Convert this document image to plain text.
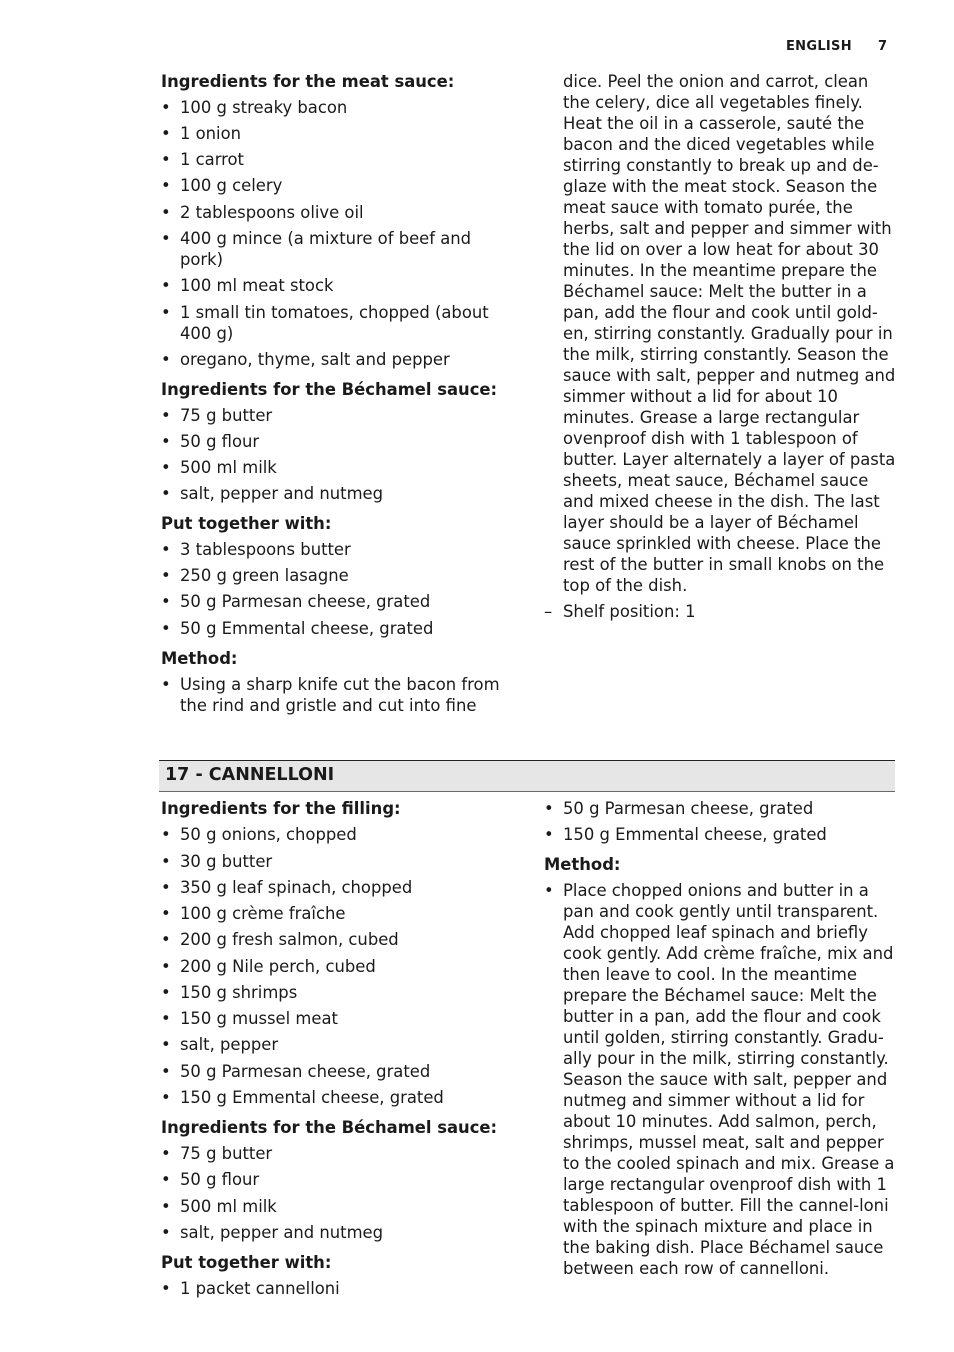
ENGLISH 7
Ingredients for the meat sauce:
• 100 g streaky bacon
• 1 onion
• 1 carrot
• 100 g celery
• 2 tablespoons olive oil
• 400 g mince (a mixture of beef and pork)
• 100 ml meat stock
• 1 small tin tomatoes, chopped (about 400 g)
• oregano, thyme, salt and pepper
Ingredients for the Béchamel sauce:
• 75 g butter
• 50 g flour
• 500 ml milk
• salt, pepper and nutmeg
Put together with:
• 3 tablespoons butter
• 250 g green lasagne
• 50 g Parmesan cheese, grated
• 50 g Emmental cheese, grated
Method:
• Using a sharp knife cut the bacon from the rind and gristle and cut into fine

dice. Peel the onion and carrot, clean the celery, dice all vegetables finely. Heat the oil in a casserole, sauté the bacon and the diced vegetables while stirring constantly to break up and de-glaze with the meat stock. Season the meat sauce with tomato purée, the herbs, salt and pepper and simmer with the lid on over a low heat for about 30 minutes. In the meantime prepare the Béchamel sauce: Melt the butter in a pan, add the flour and cook until gold-en, stirring constantly. Gradually pour in the milk, stirring constantly. Season the sauce with salt, pepper and nutmeg and simmer without a lid for about 10 minutes. Grease a large rectangular ovenproof dish with 1 tablespoon of butter. Layer alternately a layer of pasta sheets, meat sauce, Béchamel sauce and mixed cheese in the dish. The last layer should be a layer of Béchamel sauce sprinkled with cheese. Place the rest of the butter in small knobs on the top of the dish.

– Shelf position: 1
17 - CANNELLONI
Ingredients for the filling:
• 50 g onions, chopped
• 30 g butter
• 350 g leaf spinach, chopped
• 100 g crème fraîche
• 200 g fresh salmon, cubed
• 200 g Nile perch, cubed
• 150 g shrimps
• 150 g mussel meat
• salt, pepper
• 50 g Parmesan cheese, grated
• 150 g Emmental cheese, grated
Ingredients for the Béchamel sauce:
• 75 g butter
• 50 g flour
• 500 ml milk
• salt, pepper and nutmeg
Put together with:
• 1 packet cannelloni
• 50 g Parmesan cheese, grated
• 150 g Emmental cheese, grated
Method:
• Place chopped onions and butter in a pan and cook gently until transparent. Add chopped leaf spinach and briefly cook gently. Add crème fraîche, mix and then leave to cool. In the meantime prepare the Béchamel sauce: Melt the butter in a pan, add the flour and cook until golden, stirring constantly. Gradu-ally pour in the milk, stirring constantly. Season the sauce with salt, pepper and nutmeg and simmer without a lid for about 10 minutes. Add salmon, perch, shrimps, mussel meat, salt and pepper to the cooled spinach and mix. Grease a large rectangular ovenproof dish with 1 tablespoon of butter. Fill the cannel-loni with the spinach mixture and place in the baking dish. Place Béchamel sauce between each row of cannelloni.
